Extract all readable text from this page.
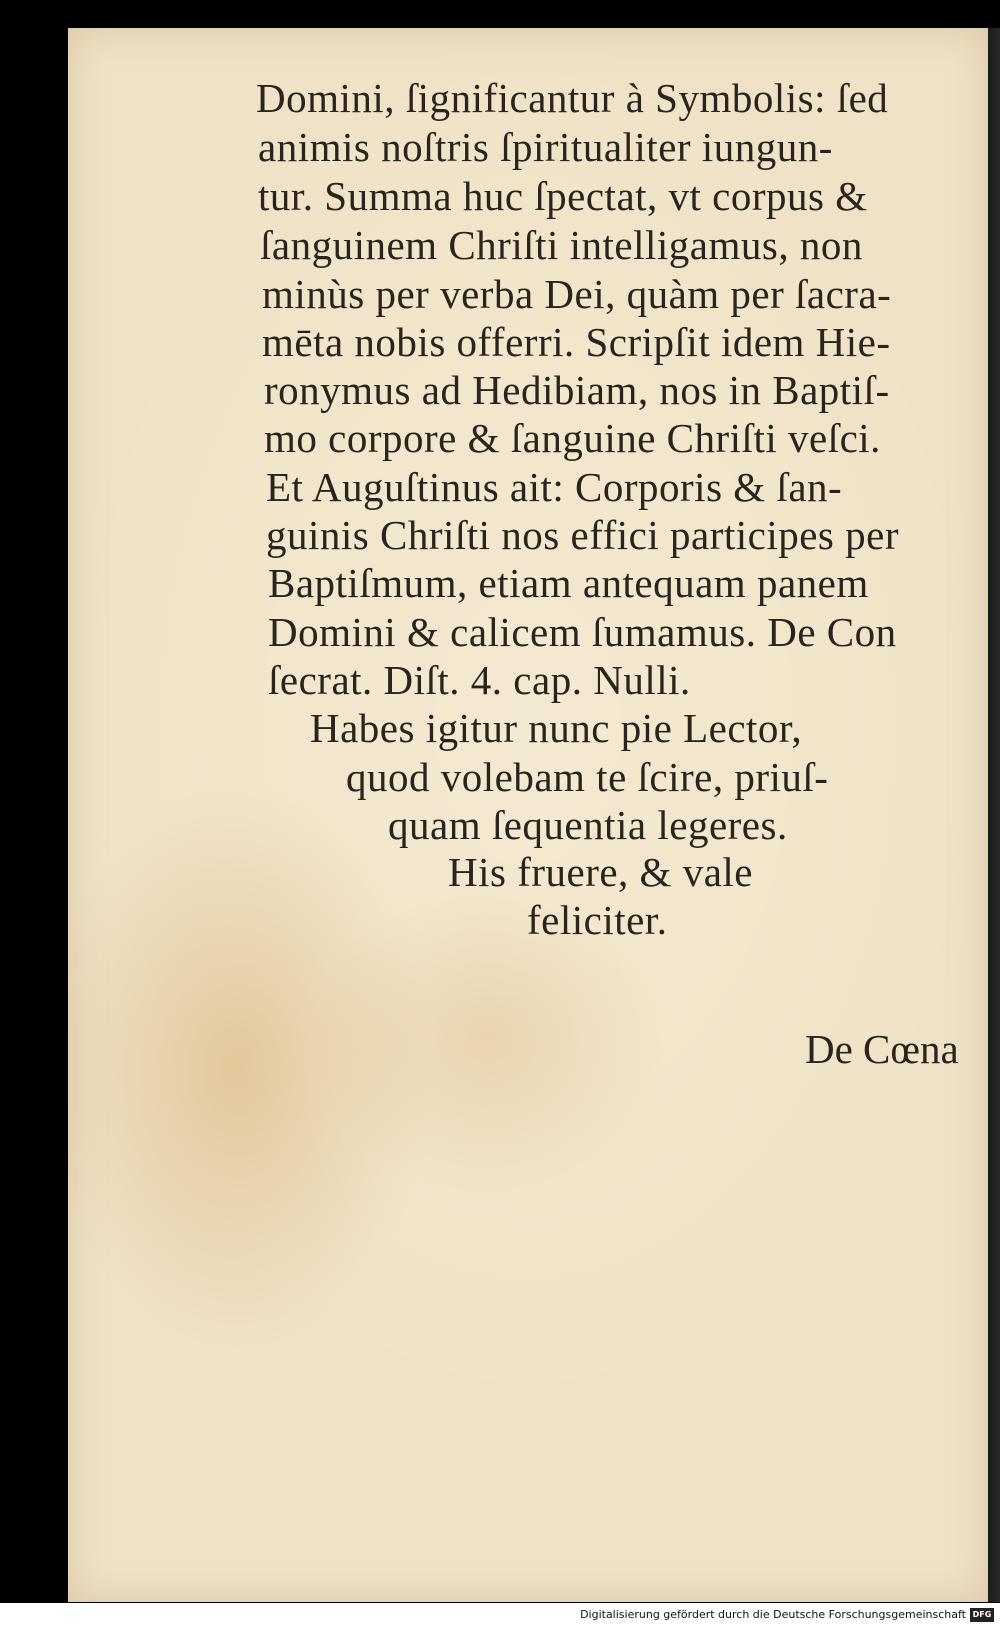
Domini, ſignificantur à Symbolis: ſed
animis noſtris ſpiritualiter iungun-
tur. Summa huc ſpectat, vt corpus &
ſanguinem Chriſti intelligamus, non
minùs per verba Dei, quàm per ſacra-
mēta nobis offerri. Scripſit idem Hie-
ronymus ad Hedibiam, nos in Baptiſ-
mo corpore & ſanguine Chriſti veſci.
Et Auguſtinus ait: Corporis & ſan-
guinis Chriſti nos effici participes per
Baptiſmum, etiam antequam panem
Domini & calicem ſumamus. De Con
ſecrat. Diſt. 4. cap. Nulli.
Habes igitur nunc pie Lector,
quod volebam te ſcire, priuſ-
quam ſequentia legeres.
His fruere, & vale
feliciter.
De Cœna
Digitalisierung gefördert durch die Deutsche Forschungsgemeinschaft DFG
